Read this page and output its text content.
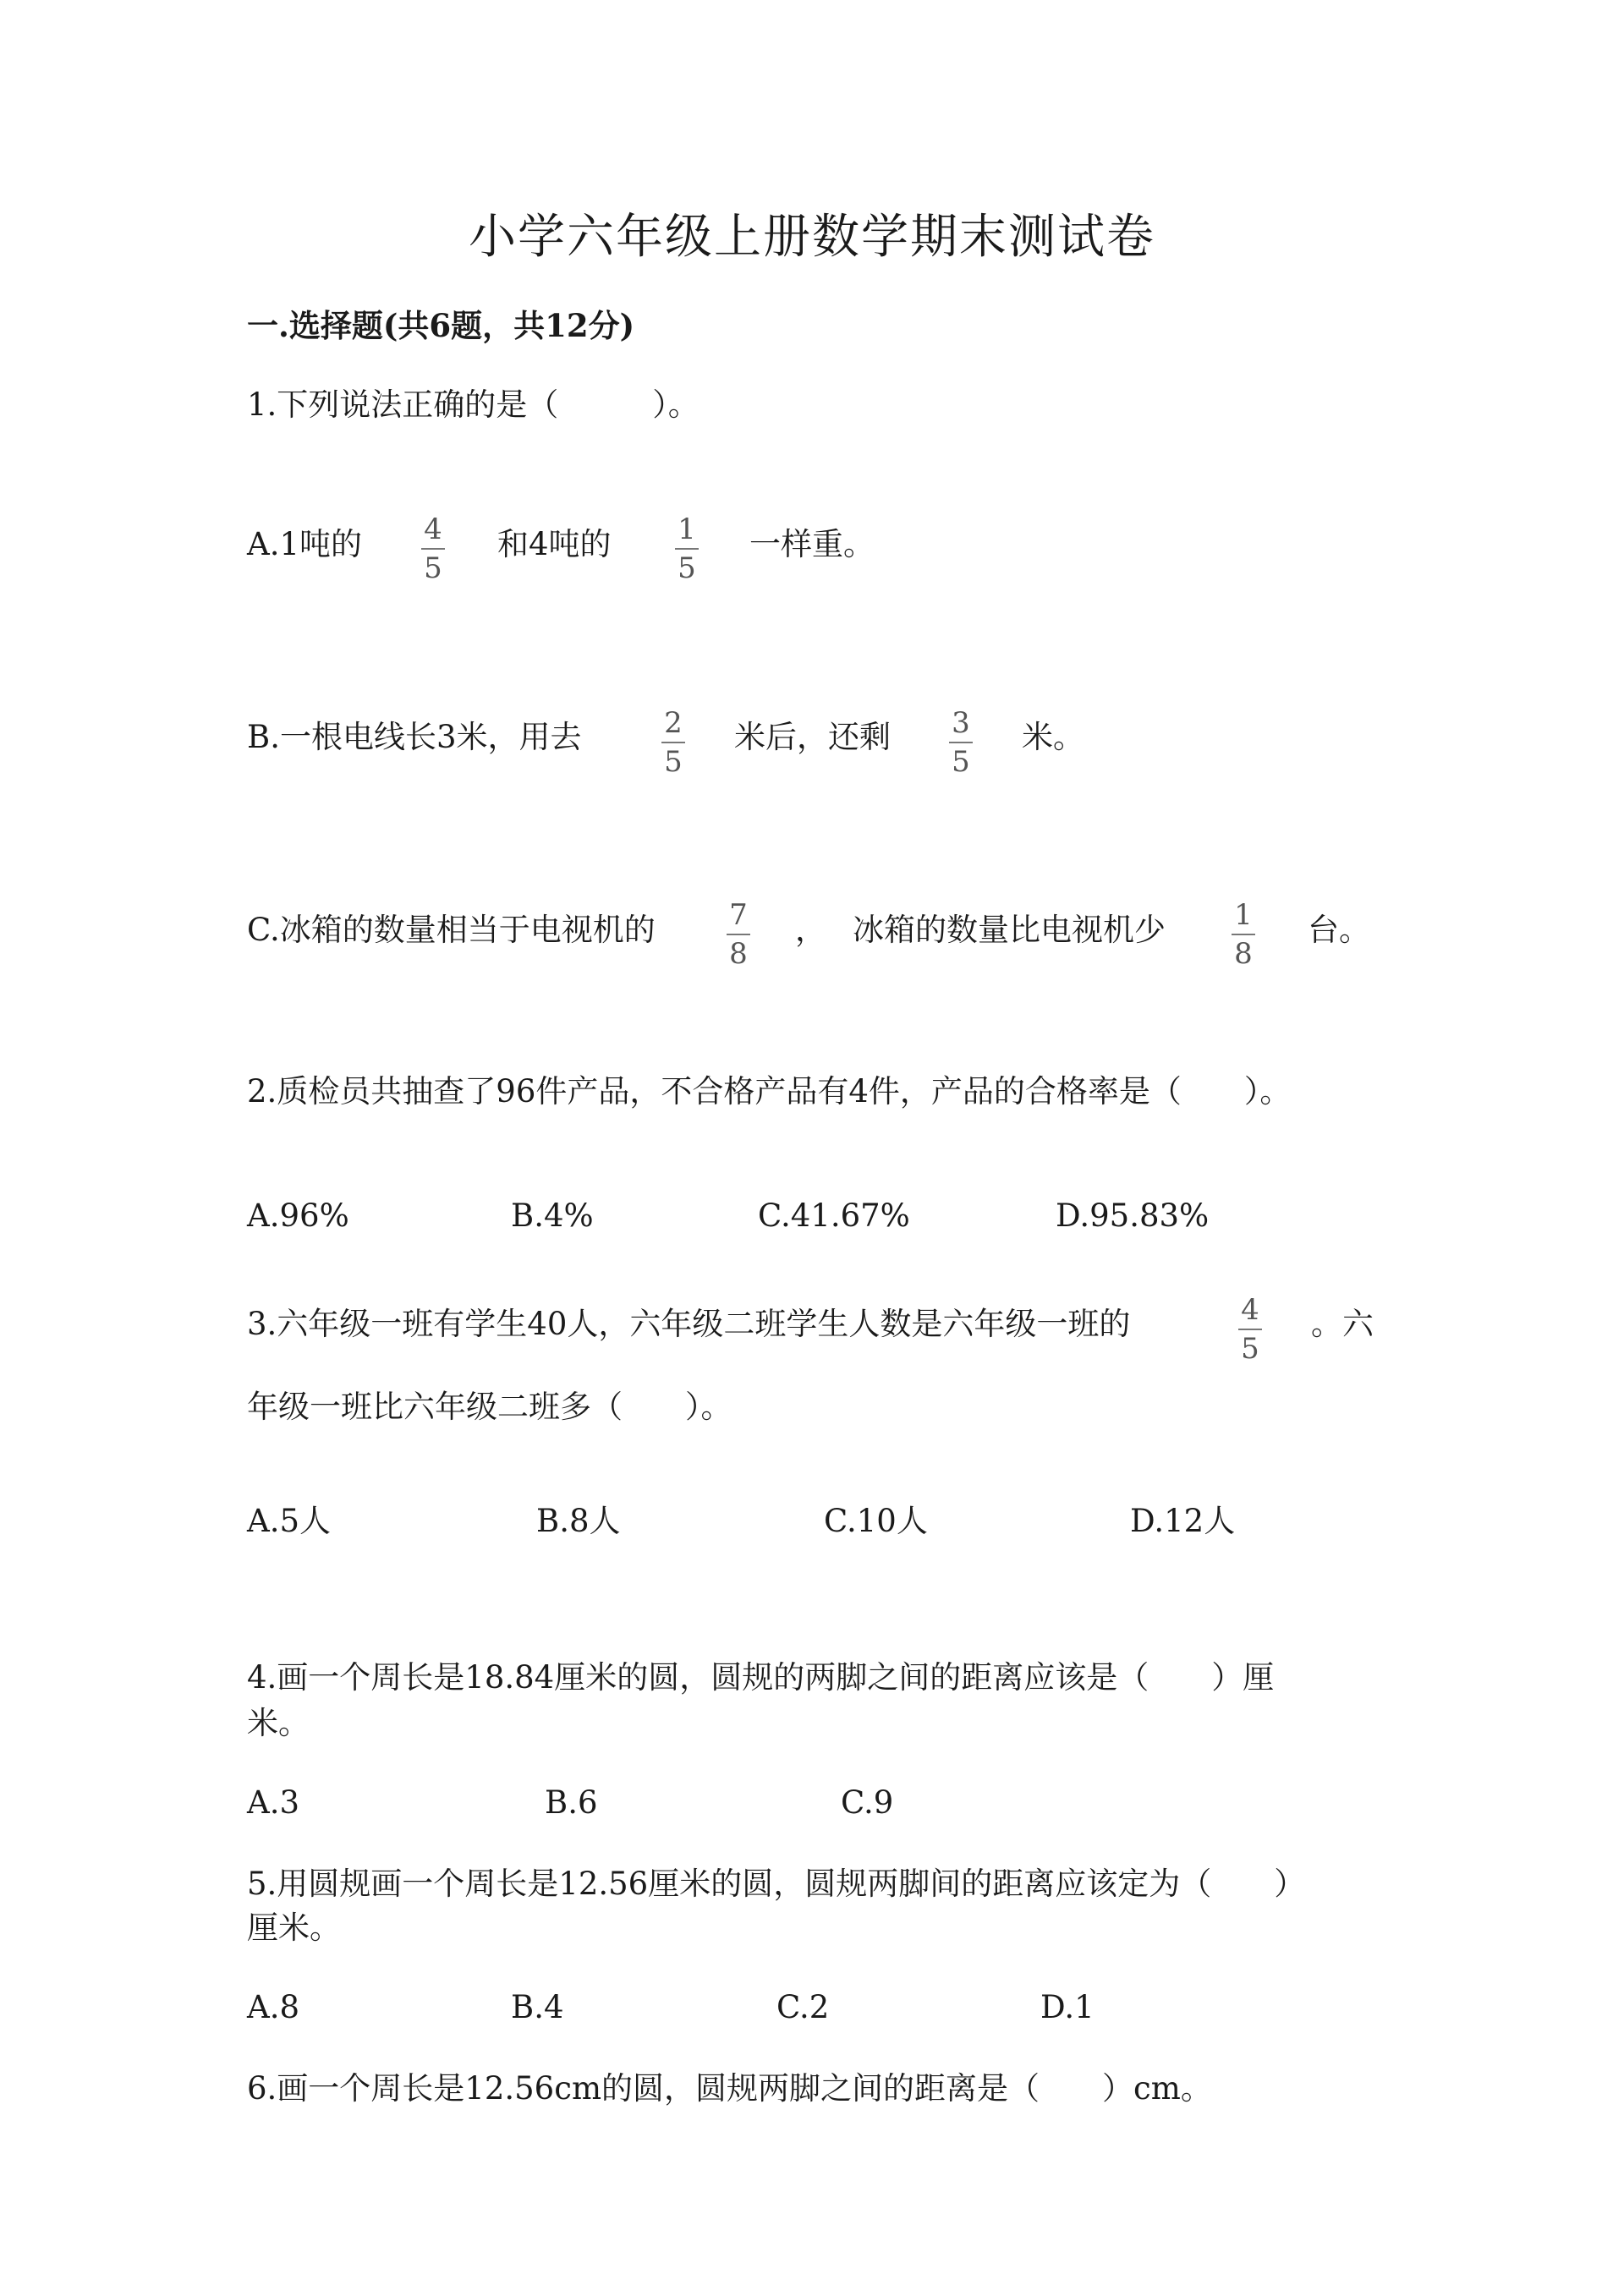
小学六年级上册数学期末测试卷
一.选择题(共6题，共12分)
1.下列说法正确的是（　　　）。
A.1吨的	4
5
和4吨的	1
5
一样重。
B.一根电线长3米，用去	2
5
米后，还剩	3
5
米。
C.冰箱的数量相当于电视机的	7
8
， 冰箱的数量比电视机少	1
8
台。
2.质检员共抽查了96件产品，不合格产品有4件，产品的合格率是（　　）。
A.96%	B.4%	C.41.67%	D.95.83%
3.六年级一班有学生40人，六年级二班学生人数是六年级一班的	4
5
。六
年级一班比六年级二班多（　　）。
A.5人	B.8人	C.10人	D.12人
4.画一个周长是18.84厘米的圆，圆规的两脚之间的距离应该是（　　）厘
米。
A.3	B.6	C.9
5.用圆规画一个周长是12.56厘米的圆，圆规两脚间的距离应该定为（　　）
厘米。
A.8	B.4	C.2	D.1
6.画一个周长是12.56cm的圆，圆规两脚之间的距离是（　　）cm。
